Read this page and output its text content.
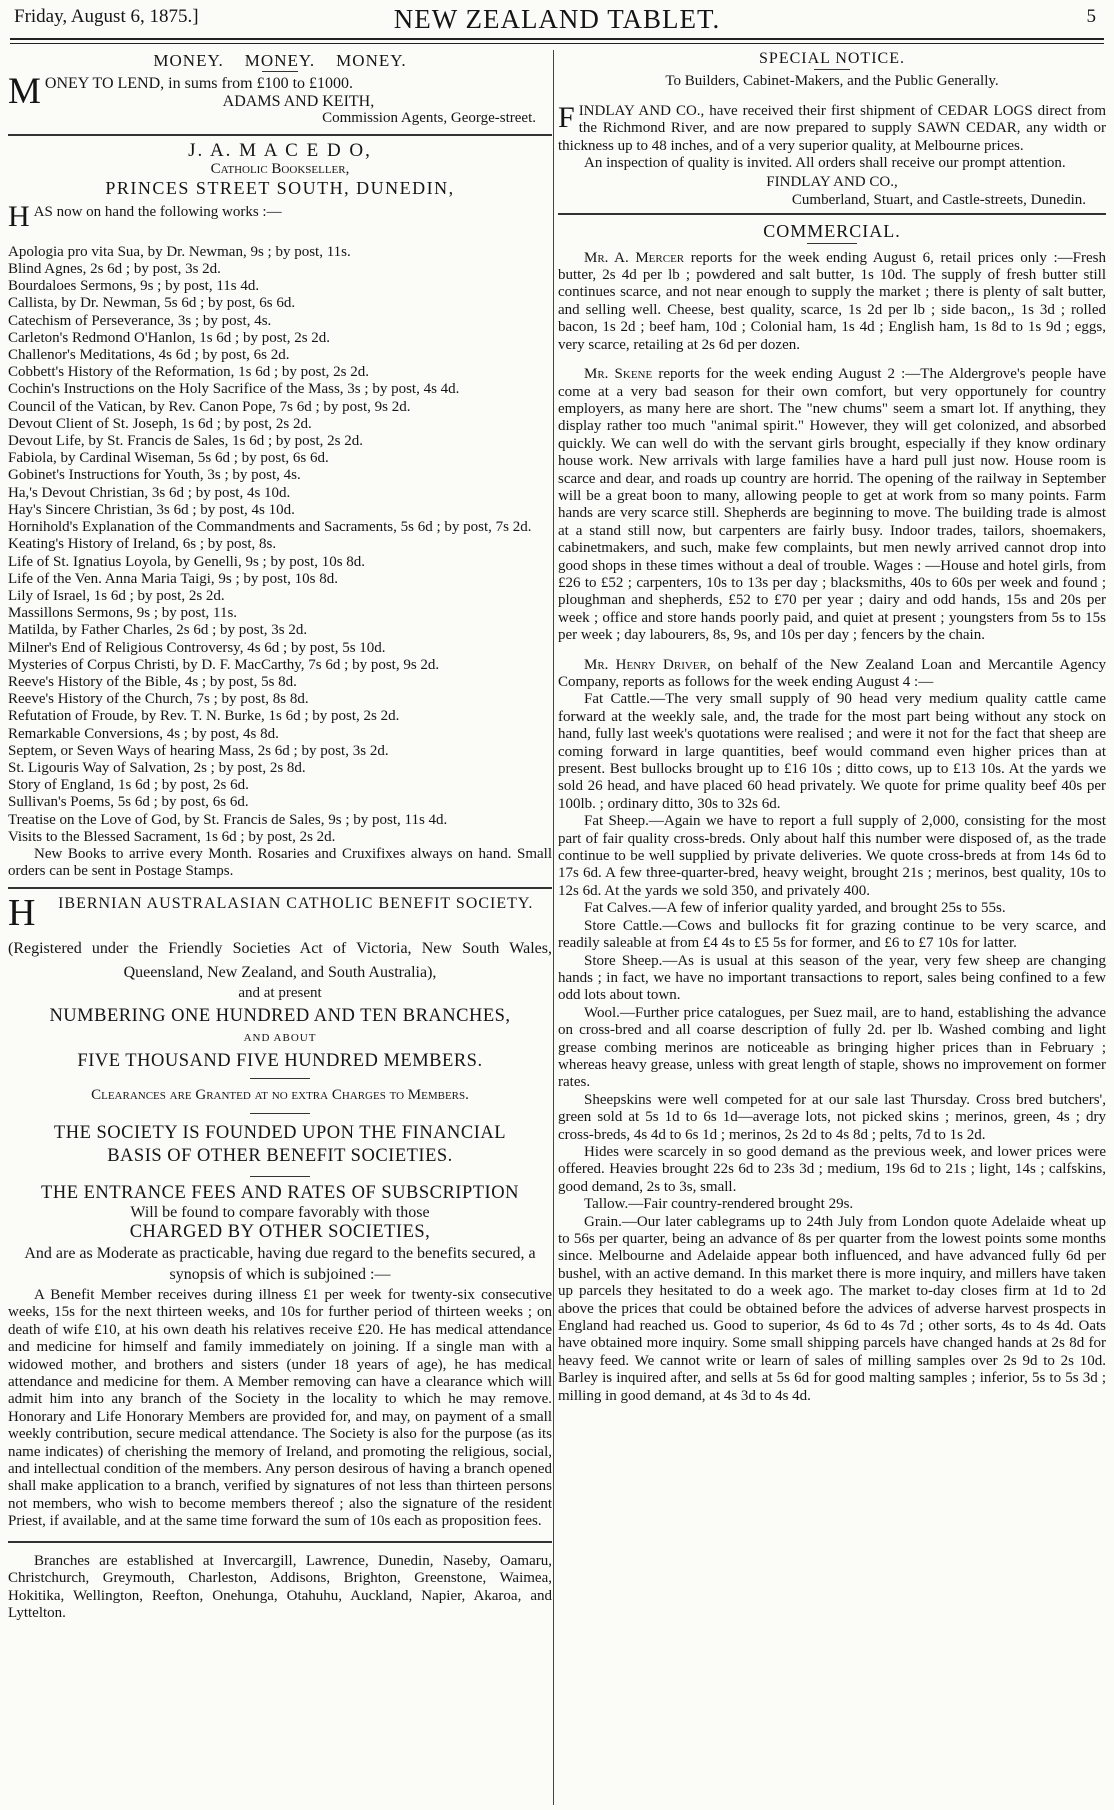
Friday, August 6, 1875.]	NEW ZEALAND TABLET.	5
MONEY.    MONEY.    MONEY.
M ONEY TO LEND, in sums from £100 to £1000.

ADAMS AND KEITH,

Commission Agents, George-street.

J. A. M A C E D O,
Catholic Bookseller,
PRINCES STREET SOUTH, DUNEDIN,
H AS now on hand the following works :—

Apologia pro vita Sua, by Dr. Newman, 9s ; by post, 11s.

Blind Agnes, 2s 6d ; by post, 3s 2d.

Bourdaloes Sermons, 9s ; by post, 11s 4d.

Callista, by Dr. Newman, 5s 6d ; by post, 6s 6d.

Catechism of Perseverance, 3s ; by post, 4s.

Carleton's Redmond O'Hanlon, 1s 6d ; by post, 2s 2d.

Challenor's Meditations, 4s 6d ; by post, 6s 2d.

Cobbett's History of the Reformation, 1s 6d ; by post, 2s 2d.

Cochin's Instructions on the Holy Sacrifice of the Mass, 3s ; by post, 4s 4d.

Council of the Vatican, by Rev. Canon Pope, 7s 6d ; by post, 9s 2d.

Devout Client of St. Joseph, 1s 6d ; by post, 2s 2d.

Devout Life, by St. Francis de Sales, 1s 6d ; by post, 2s 2d.

Fabiola, by Cardinal Wiseman, 5s 6d ; by post, 6s 6d.

Gobinet's Instructions for Youth, 3s ; by post, 4s.

Ha,'s Devout Christian, 3s 6d ; by post, 4s 10d.

Hay's Sincere Christian, 3s 6d ; by post, 4s 10d.

Hornihold's Explanation of the Commandments and Sacraments, 5s 6d ; by post, 7s 2d.

Keating's History of Ireland, 6s ; by post, 8s.

Life of St. Ignatius Loyola, by Genelli, 9s ; by post, 10s 8d.

Life of the Ven. Anna Maria Taigi, 9s ; by post, 10s 8d.

Lily of Israel, 1s 6d ; by post, 2s 2d.

Massillons Sermons, 9s ; by post, 11s.

Matilda, by Father Charles, 2s 6d ; by post, 3s 2d.

Milner's End of Religious Controversy, 4s 6d ; by post, 5s 10d.

Mysteries of Corpus Christi, by D. F. MacCarthy, 7s 6d ; by post, 9s 2d.

Reeve's History of the Bible, 4s ; by post, 5s 8d.

Reeve's History of the Church, 7s ; by post, 8s 8d.

Refutation of Froude, by Rev. T. N. Burke, 1s 6d ; by post, 2s 2d.

Remarkable Conversions, 4s ; by post, 4s 8d.

Septem, or Seven Ways of hearing Mass, 2s 6d ; by post, 3s 2d.

St. Ligouris Way of Salvation, 2s ; by post, 2s 8d.

Story of England, 1s 6d ; by post, 2s 6d.

Sullivan's Poems, 5s 6d ; by post, 6s 6d.

Treatise on the Love of God, by St. Francis de Sales, 9s ; by post, 11s 4d.

Visits to the Blessed Sacrament, 1s 6d ; by post, 2s 2d.

New Books to arrive every Month. Rosaries and Cruxifixes always on hand. Small orders can be sent in Postage Stamps.

H	IBERNIAN AUSTRALASIAN CATHOLIC BENEFIT SOCIETY.

(Registered under the Friendly Societies Act of Victoria, New South Wales, Queensland, New Zealand, and South Australia),

and at present

NUMBERING ONE HUNDRED AND TEN BRANCHES,

AND ABOUT

FIVE THOUSAND FIVE HUNDRED MEMBERS.

Clearances are Granted at no extra Charges to Members.

THE SOCIETY IS FOUNDED UPON THE FINANCIAL BASIS OF OTHER BENEFIT SOCIETIES.

THE ENTRANCE FEES AND RATES OF SUBSCRIPTION

Will be found to compare favorably with those

CHARGED BY OTHER SOCIETIES,

And are as Moderate as practicable, having due regard to the benefits secured, a synopsis of which is subjoined :—

A Benefit Member receives during illness £1 per week for twenty-six consecutive weeks, 15s for the next thirteen weeks, and 10s for further period of thirteen weeks ; on death of wife £10, at his own death his relatives receive £20. He has medical attendance and medicine for himself and family immediately on joining. If a single man with a widowed mother, and brothers and sisters (under 18 years of age), he has medical attendance and medicine for them. A Member removing can have a clearance which will admit him into any branch of the Society in the locality to which he may remove. Honorary and Life Honorary Members are provided for, and may, on payment of a small weekly contribution, secure medical attendance. The Society is also for the purpose (as its name indicates) of cherishing the memory of Ireland, and promoting the religious, social, and intellectual condition of the members. Any person desirous of having a branch opened shall make application to a branch, verified by signatures of not less than thirteen persons not members, who wish to become members thereof ; also the signature of the resident Priest, if available, and at the same time forward the sum of 10s each as proposition fees.

Branches are established at Invercargill, Lawrence, Dunedin, Naseby, Oamaru, Christchurch, Greymouth, Charleston, Addisons, Brighton, Greenstone, Waimea, Hokitika, Wellington, Reefton, Onehunga, Otahuhu, Auckland, Napier, Akaroa, and Lyttelton.

SPECIAL NOTICE.

To Builders, Cabinet-Makers, and the Public Generally.

F INDLAY AND CO., have received their first shipment of CEDAR LOGS direct from the Richmond River, and are now prepared to supply SAWN CEDAR, any width or thickness up to 48 inches, and of a very superior quality, at Melbourne prices.

An inspection of quality is invited. All orders shall receive our prompt attention.

FINDLAY AND CO.,

Cumberland, Stuart, and Castle-streets, Dunedin.

COMMERCIAL.

Mr. A. Mercer reports for the week ending August 6, retail prices only :—Fresh butter, 2s 4d per lb ; powdered and salt butter, 1s 10d. The supply of fresh butter still continues scarce, and not near enough to supply the market ; there is plenty of salt butter, and selling well. Cheese, best quality, scarce, 1s 2d per lb ; side bacon,, 1s 3d ; rolled bacon, 1s 2d ; beef ham, 10d ; Colonial ham, 1s 4d ; English ham, 1s 8d to 1s 9d ; eggs, very scarce, retailing at 2s 6d per dozen.

Mr. Skene reports for the week ending August 2 :—The Aldergrove's people have come at a very bad season for their own comfort, but very opportunely for country employers, as many here are short. The "new chums" seem a smart lot. If anything, they display rather too much "animal spirit." However, they will get colonized, and absorbed quickly. We can well do with the servant girls brought, especially if they know ordinary house work. New arrivals with large families have a hard pull just now. House room is scarce and dear, and roads up country are horrid. The opening of the railway in September will be a great boon to many, allowing people to get at work from so many points. Farm hands are very scarce still. Shepherds are beginning to move. The building trade is almost at a stand still now, but carpenters are fairly busy. Indoor trades, tailors, shoemakers, cabinetmakers, and such, make few complaints, but men newly arrived cannot drop into good shops in these times without a deal of trouble. Wages : —House and hotel girls, from £26 to £52 ; carpenters, 10s to 13s per day ; blacksmiths, 40s to 60s per week and found ; ploughman and shepherds, £52 to £70 per year ; dairy and odd hands, 15s and 20s per week ; office and store hands poorly paid, and quiet at present ; youngsters from 5s to 15s per week ; day labourers, 8s, 9s, and 10s per day ; fencers by the chain.

Mr. Henry Driver, on behalf of the New Zealand Loan and Mercantile Agency Company, reports as follows for the week ending August 4 :—

Fat Cattle.—The very small supply of 90 head very medium quality cattle came forward at the weekly sale, and, the trade for the most part being without any stock on hand, fully last week's quotations were realised ; and were it not for the fact that sheep are coming forward in large quantities, beef would command even higher prices than at present. Best bullocks brought up to £16 10s ; ditto cows, up to £13 10s. At the yards we sold 26 head, and have placed 60 head privately. We quote for prime quality beef 40s per 100lb. ; ordinary ditto, 30s to 32s 6d.

Fat Sheep.—Again we have to report a full supply of 2,000, consisting for the most part of fair quality cross-breds. Only about half this number were disposed of, as the trade continue to be well supplied by private deliveries. We quote cross-breds at from 14s 6d to 17s 6d. A few three-quarter-bred, heavy weight, brought 21s ; merinos, best quality, 10s to 12s 6d. At the yards we sold 350, and privately 400.

Fat Calves.—A few of inferior quality yarded, and brought 25s to 55s.

Store Cattle.—Cows and bullocks fit for grazing continue to be very scarce, and readily saleable at from £4 4s to £5 5s for former, and £6 to £7 10s for latter.

Store Sheep.—As is usual at this season of the year, very few sheep are changing hands ; in fact, we have no important transactions to report, sales being confined to a few odd lots about town.

Wool.—Further price catalogues, per Suez mail, are to hand, establishing the advance on cross-bred and all coarse description of fully 2d. per lb. Washed combing and light grease combing merinos are noticeable as bringing higher prices than in February ; whereas heavy grease, unless with great length of staple, shows no improvement on former rates.

Sheepskins were well competed for at our sale last Thursday. Cross bred butchers', green sold at 5s 1d to 6s 1d—average lots, not picked skins ; merinos, green, 4s ; dry cross-breds, 4s 4d to 6s 1d ; merinos, 2s 2d to 4s 8d ; pelts, 7d to 1s 2d.

Hides were scarcely in so good demand as the previous week, and lower prices were offered. Heavies brought 22s 6d to 23s 3d ; medium, 19s 6d to 21s ; light, 14s ; calfskins, good demand, 2s to 3s, small.

Tallow.—Fair country-rendered brought 29s.

Grain.—Our later cablegrams up to 24th July from London quote Adelaide wheat up to 56s per quarter, being an advance of 8s per quarter from the lowest points some months since. Melbourne and Adelaide appear both influenced, and have advanced fully 6d per bushel, with an active demand. In this market there is more inquiry, and millers have taken up parcels they hesitated to do a week ago. The market to-day closes firm at 1d to 2d above the prices that could be obtained before the advices of adverse harvest prospects in England had reached us. Good to superior, 4s 6d to 4s 7d ; other sorts, 4s to 4s 4d. Oats have obtained more inquiry. Some small shipping parcels have changed hands at 2s 8d for heavy feed. We cannot write or learn of sales of milling samples over 2s 9d to 2s 10d. Barley is inquired after, and sells at 5s 6d for good malting samples ; inferior, 5s to 5s 3d ; milling in good demand, at 4s 3d to 4s 4d.
